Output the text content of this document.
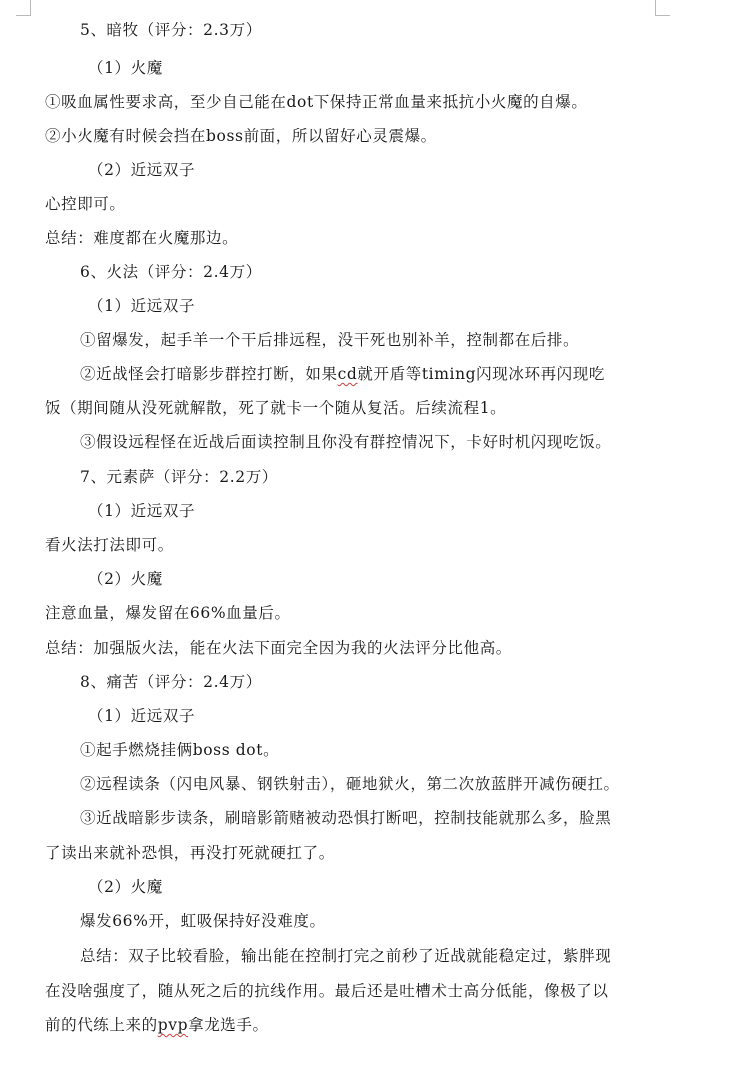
5、暗牧（评分：2.3万）
（1）火魔
①吸血属性要求高，至少自己能在dot下保持正常血量来抵抗小火魔的自爆。
②小火魔有时候会挡在boss前面，所以留好心灵震爆。
（2）近远双子
心控即可。
总结：难度都在火魔那边。
6、火法（评分：2.4万）
（1）近远双子
①留爆发，起手羊一个干后排远程，没干死也别补羊，控制都在后排。
②近战怪会打暗影步群控打断，如果cd就开盾等timing闪现冰环再闪现吃
饭（期间随从没死就解散，死了就卡一个随从复活。后续流程1。
③假设远程怪在近战后面读控制且你没有群控情况下，卡好时机闪现吃饭。
7、元素萨（评分：2.2万）
（1）近远双子
看火法打法即可。
（2）火魔
注意血量，爆发留在66%血量后。
总结：加强版火法，能在火法下面完全因为我的火法评分比他高。
8、痛苦（评分：2.4万）
（1）近远双子
①起手燃烧挂俩boss dot。
②远程读条（闪电风暴、钢铁射击），砸地狱火，第二次放蓝胖开减伤硬扛。
③近战暗影步读条，刷暗影箭赌被动恐惧打断吧，控制技能就那么多，脸黑
了读出来就补恐惧，再没打死就硬扛了。
（2）火魔
爆发66%开，虹吸保持好没难度。
总结：双子比较看脸，输出能在控制打完之前秒了近战就能稳定过，紫胖现
在没啥强度了，随从死之后的抗线作用。最后还是吐槽术士高分低能，像极了以
前的代练上来的pvp拿龙选手。
